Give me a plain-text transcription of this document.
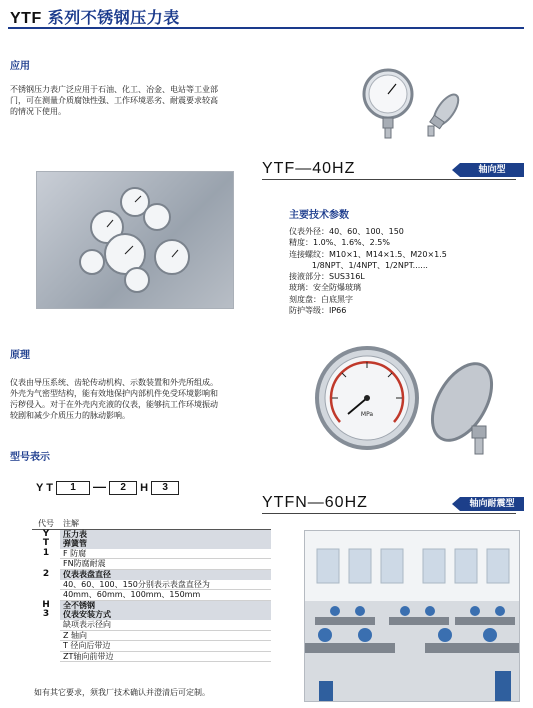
YTF 系列不锈钢压力表
应用
不锈钢压力表广泛应用于石油、化工、冶金、电站等工业部
门，可在测量介质腐蚀性强、工作环境恶劣、耐震要求较高
的情况下使用。
原理
仪表由导压系统、齿轮传动机构、示数装置和外壳所组成。
外壳为气密型结构，能有效地保护内部机件免受环境影响和
污秽侵入。对于在外壳内充液的仪表，能够抗工作环境振动
较剧和减少介质压力的脉动影响。
型号表示
Y T 1 — 2 H 3
代号	注解
Y	压力表
T	弹簧管
1	F 防腐
	FN防腐耐震
2	仪表表盘直径
	40、60、100、150分别表示表盘直径为
	40mm、60mm、100mm、150mm
H	全不锈钢
3	仪表安装方式
	缺项表示径向
	Z 轴向
	T 径向后带边
	ZT轴向前带边
如有其它要求，须我厂技术确认并澄清后可定制。
YTF—40HZ	轴向型
主要技术参数
仪表外径：40、60、100、150
精度：1.0%、1.6%、2.5%
连接螺纹：M10×1、M14×1.5、M20×1.5
1/8NPT、1/4NPT、1/2NPT......
接液部分：SUS316L
玻璃：安全防爆玻璃
刻度盘：白底黑字
防护等级：IP66
MPa
YTFN—60HZ	轴向耐震型
